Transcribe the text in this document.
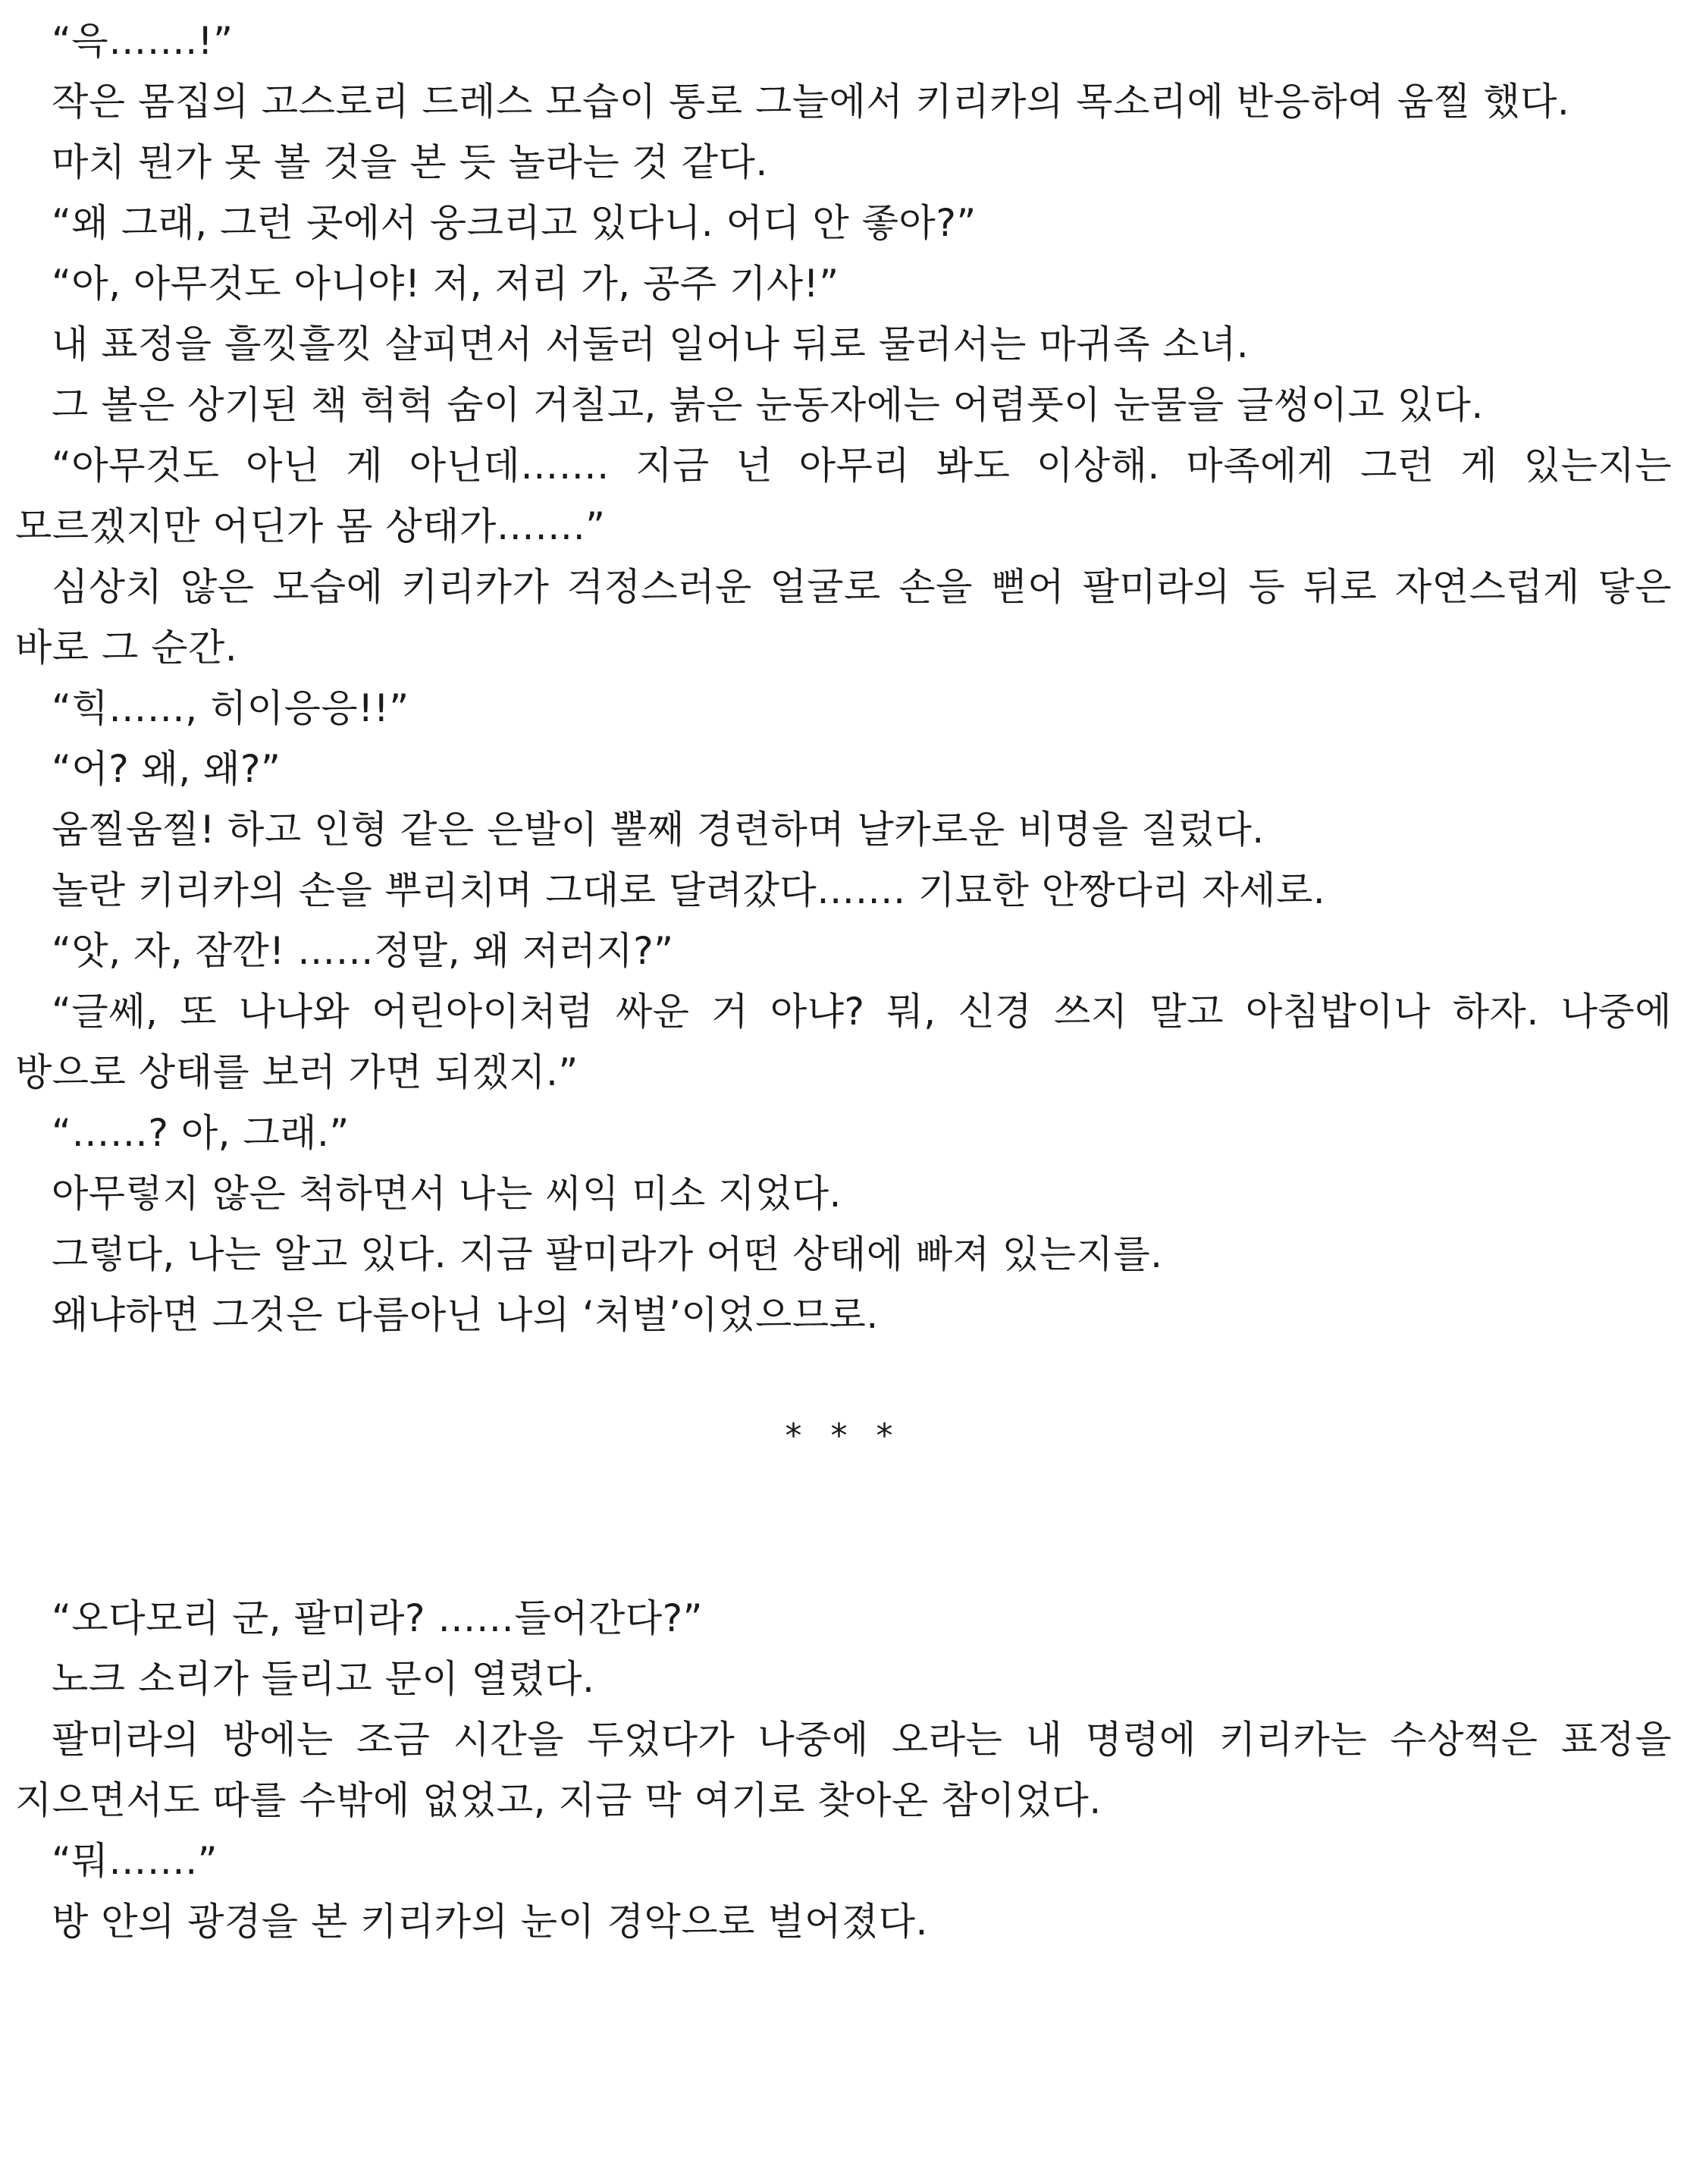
“윽…….!”

작은 몸집의 고스로리 드레스 모습이 통로 그늘에서 키리카의 목소리에 반응하여 움찔 했다.

마치 뭔가 못 볼 것을 본 듯 놀라는 것 같다.

“왜 그래, 그런 곳에서 웅크리고 있다니. 어디 안 좋아?”

“아, 아무것도 아니야! 저, 저리 가, 공주 기사!”

내 표정을 흘낏흘낏 살피면서 서둘러 일어나 뒤로 물러서는 마귀족 소녀.

그 볼은 상기된 책 헉헉 숨이 거칠고, 붉은 눈동자에는 어렴풋이 눈물을 글썽이고 있다.

“아무것도 아닌 게 아닌데……. 지금 넌 아무리 봐도 이상해. 마족에게 그런 게 있는지는 모르겠지만 어딘가 몸 상태가…….”

심상치 않은 모습에 키리카가 걱정스러운 얼굴로 손을 뻗어 팔미라의 등 뒤로 자연스럽게 닿은 바로 그 순간.

“힉……, 히이응응!!”

“어? 왜, 왜?”

움찔움찔! 하고 인형 같은 은발이 뿔째 경련하며 날카로운 비명을 질렀다.

놀란 키리카의 손을 뿌리치며 그대로 달려갔다……. 기묘한 안짱다리 자세로.

“앗, 자, 잠깐! ……정말, 왜 저러지?”

“글쎄, 또 나나와 어린아이처럼 싸운 거 아냐? 뭐, 신경 쓰지 말고 아침밥이나 하자. 나중에 방으로 상태를 보러 가면 되겠지.”

“……? 아, 그래.”

아무렇지 않은 척하면서 나는 씨익 미소 지었다.

그렇다, 나는 알고 있다. 지금 팔미라가 어떤 상태에 빠져 있는지를.

왜냐하면 그것은 다름아닌 나의 ‘처벌’이었으므로.

* * *

“오다모리 군, 팔미라? ……들어간다?”

노크 소리가 들리고 문이 열렸다.

팔미라의 방에는 조금 시간을 두었다가 나중에 오라는 내 명령에 키리카는 수상쩍은 표정을 지으면서도 따를 수밖에 없었고, 지금 막 여기로 찾아온 참이었다.

“뭐…….”

방 안의 광경을 본 키리카의 눈이 경악으로 벌어졌다.
